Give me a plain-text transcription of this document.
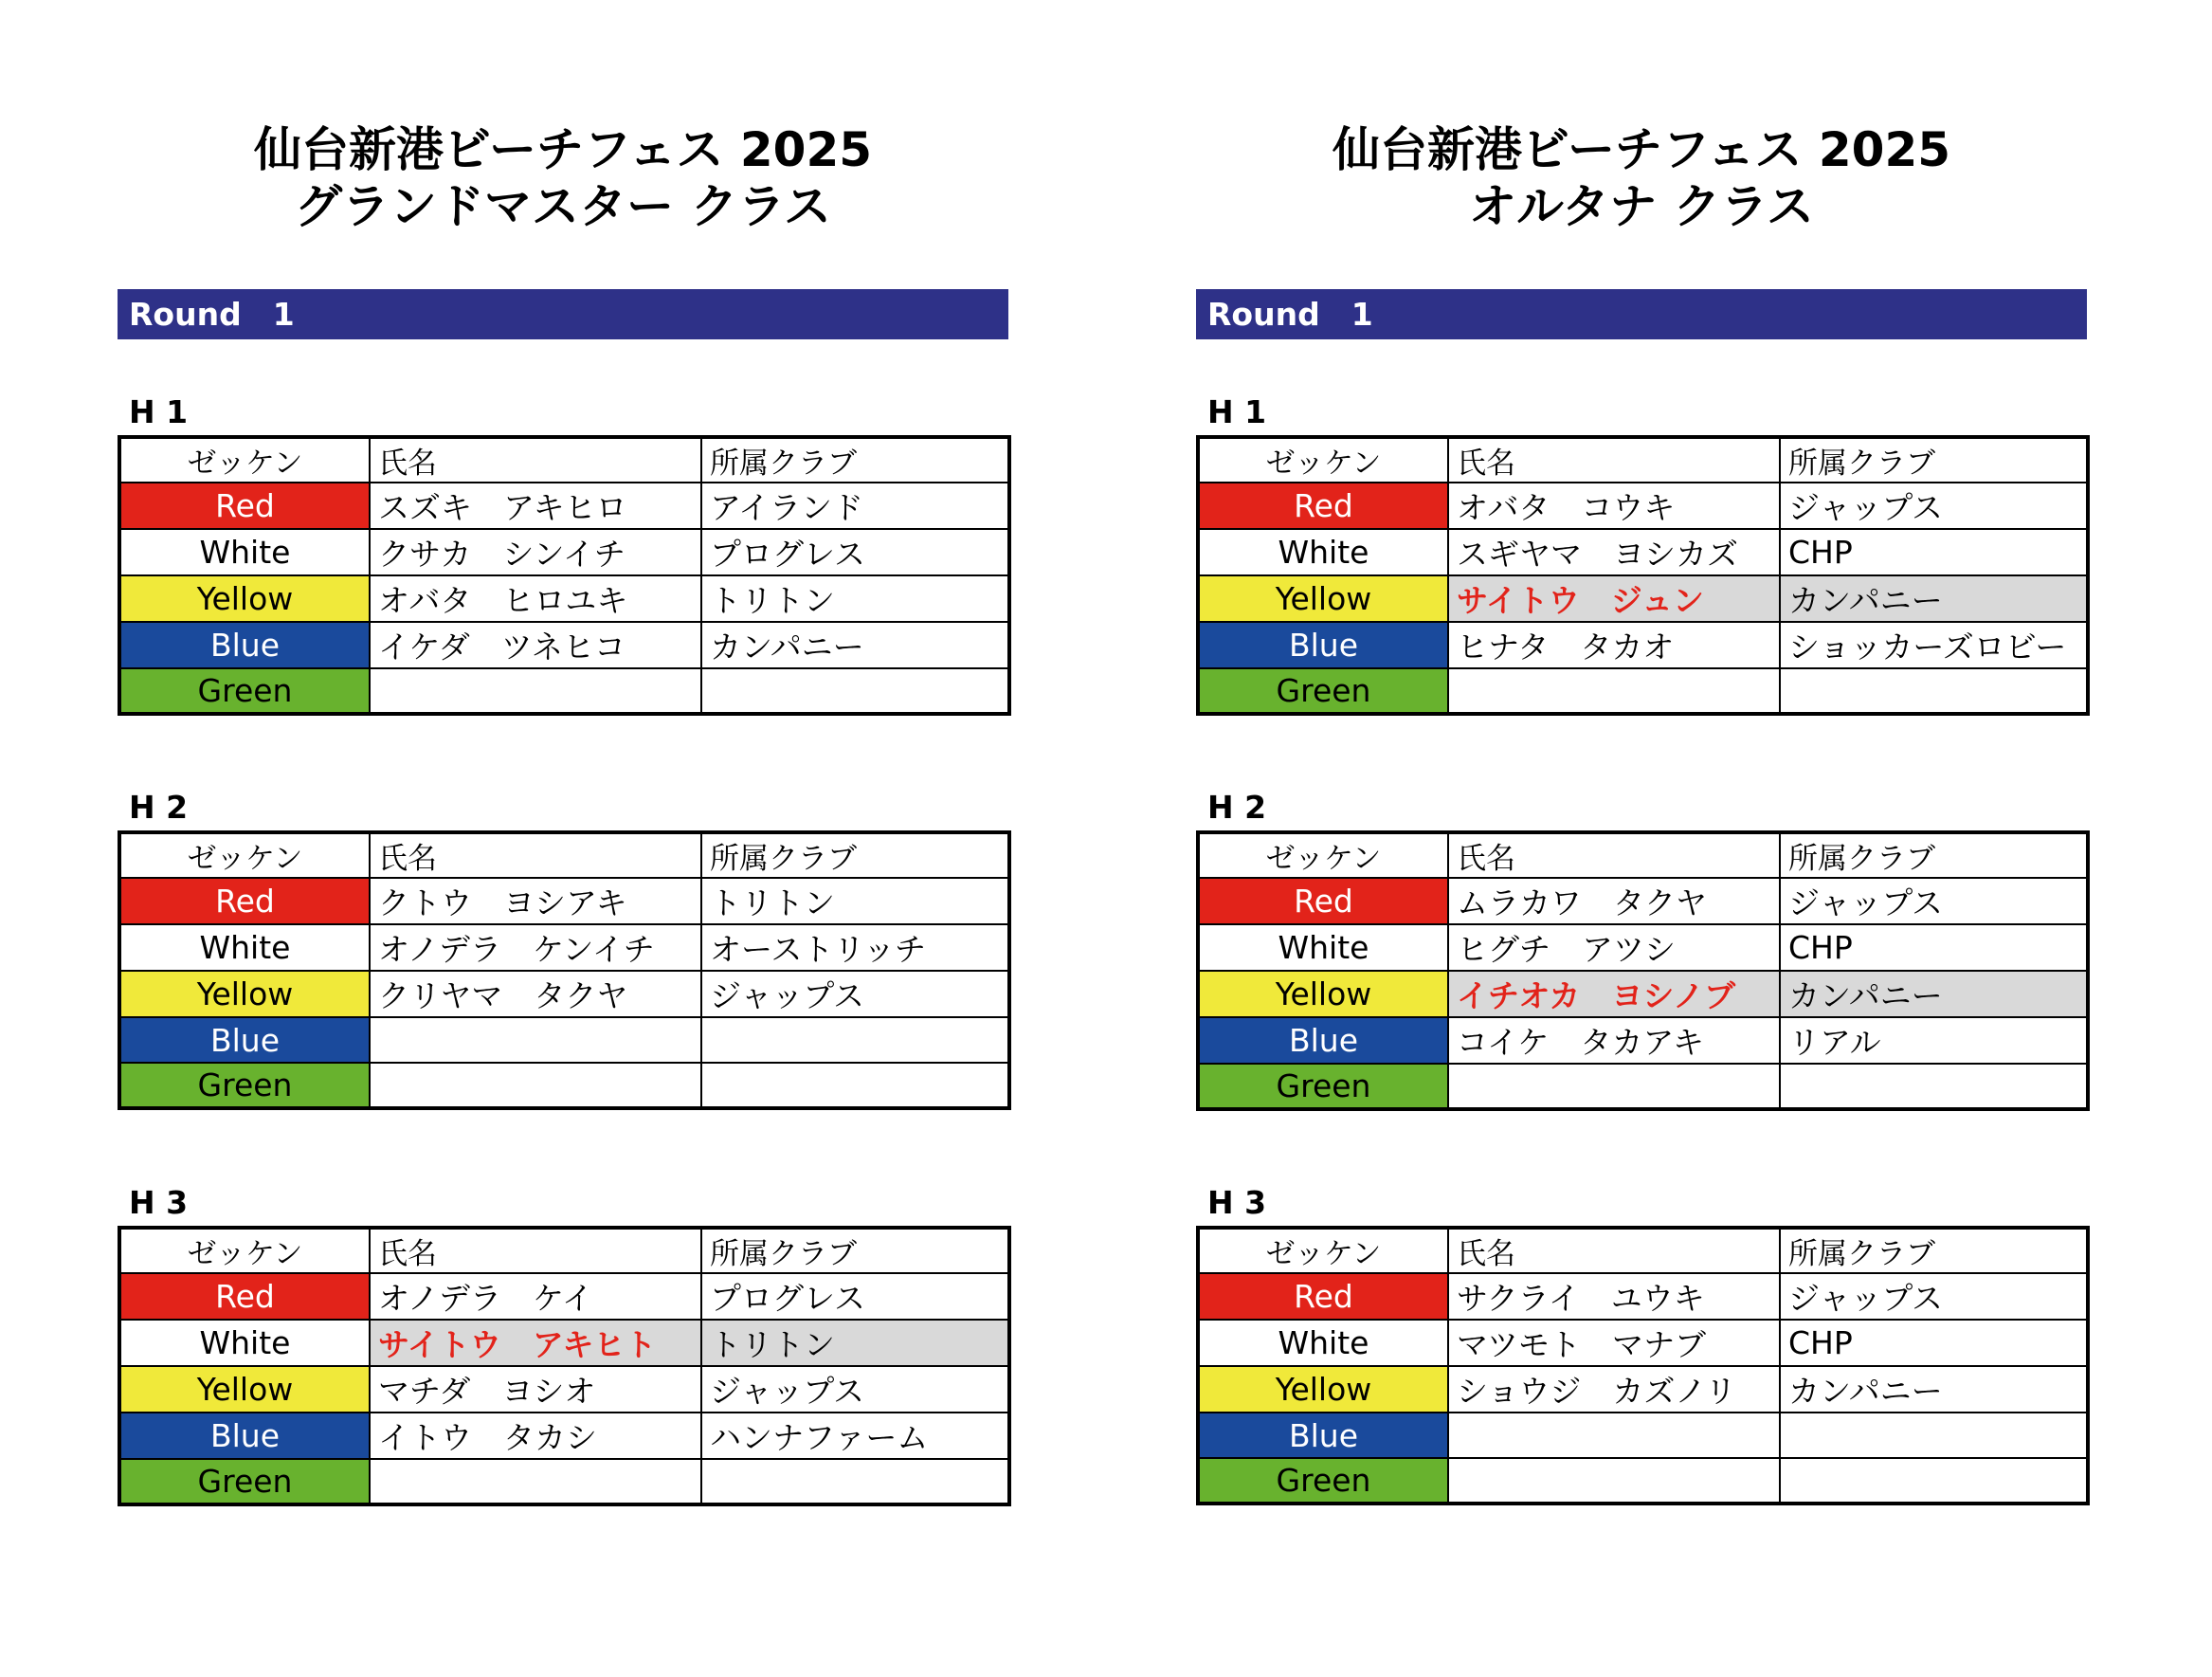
仙台新港ビーチフェス 2025
グランドマスター クラス
Round　1
H 1
ゼッケン	氏名	所属クラブ
Red	スズキ　アキヒロ	アイランド
White	クサカ　シンイチ	プログレス
Yellow	オバタ　ヒロユキ	トリトン
Blue	イケダ　ツネヒコ	カンパニー
Green		
H 2
ゼッケン	氏名	所属クラブ
Red	クトウ　ヨシアキ	トリトン
White	オノデラ　ケンイチ	オーストリッチ
Yellow	クリヤマ　タクヤ	ジャップス
Blue		
Green		
H 3
ゼッケン	氏名	所属クラブ
Red	オノデラ　ケイ	プログレス
White	サイトウ　アキヒト	トリトン
Yellow	マチダ　ヨシオ	ジャップス
Blue	イトウ　タカシ	ハンナファーム
Green		
仙台新港ビーチフェス 2025
オルタナ クラス
Round　1
H 1
ゼッケン	氏名	所属クラブ
Red	オバタ　コウキ	ジャップス
White	スギヤマ　ヨシカズ	CHP
Yellow	サイトウ　ジュン	カンパニー
Blue	ヒナタ　タカオ	ショッカーズロビー
Green		
H 2
ゼッケン	氏名	所属クラブ
Red	ムラカワ　タクヤ	ジャップス
White	ヒグチ　アツシ	CHP
Yellow	イチオカ　ヨシノブ	カンパニー
Blue	コイケ　タカアキ	リアル
Green		
H 3
ゼッケン	氏名	所属クラブ
Red	サクライ　ユウキ	ジャップス
White	マツモト　マナブ	CHP
Yellow	ショウジ　カズノリ	カンパニー
Blue		
Green		
